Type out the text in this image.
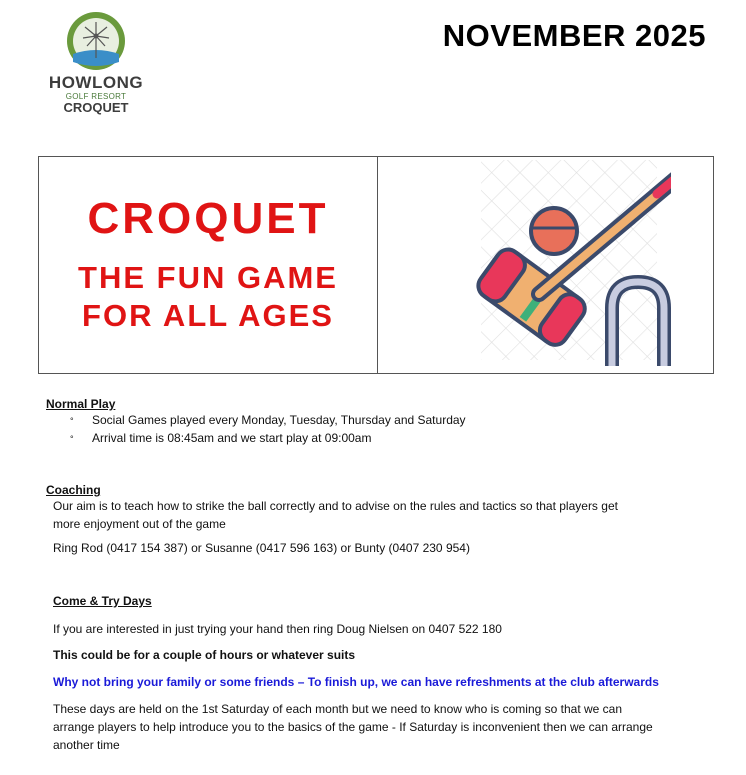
HOWLONG
GOLF RESORT
CROQUET
NOVEMBER 2025
CROQUET
THE FUN GAME
FOR ALL AGES
Normal Play
° Social Games played every Monday, Tuesday, Thursday and Saturday
° Arrival time is 08:45am and we start play at 09:00am
Coaching
Our aim is to teach how to strike the ball correctly and to advise on the rules and tactics so that players get
more enjoyment out of the game
Ring Rod (0417 154 387) or Susanne (0417 596 163) or Bunty (0407 230 954)
Come & Try Days
If you are interested in just trying your hand then ring Doug Nielsen on 0407 522 180
This could be for a couple of hours or whatever suits
Why not bring your family or some friends – To finish up, we can have refreshments at the club afterwards
These days are held on the 1st Saturday of each month but we need to know who is coming so that we can
arrange players to help introduce you to the basics of the game - If Saturday is inconvenient then we can arrange
another time
